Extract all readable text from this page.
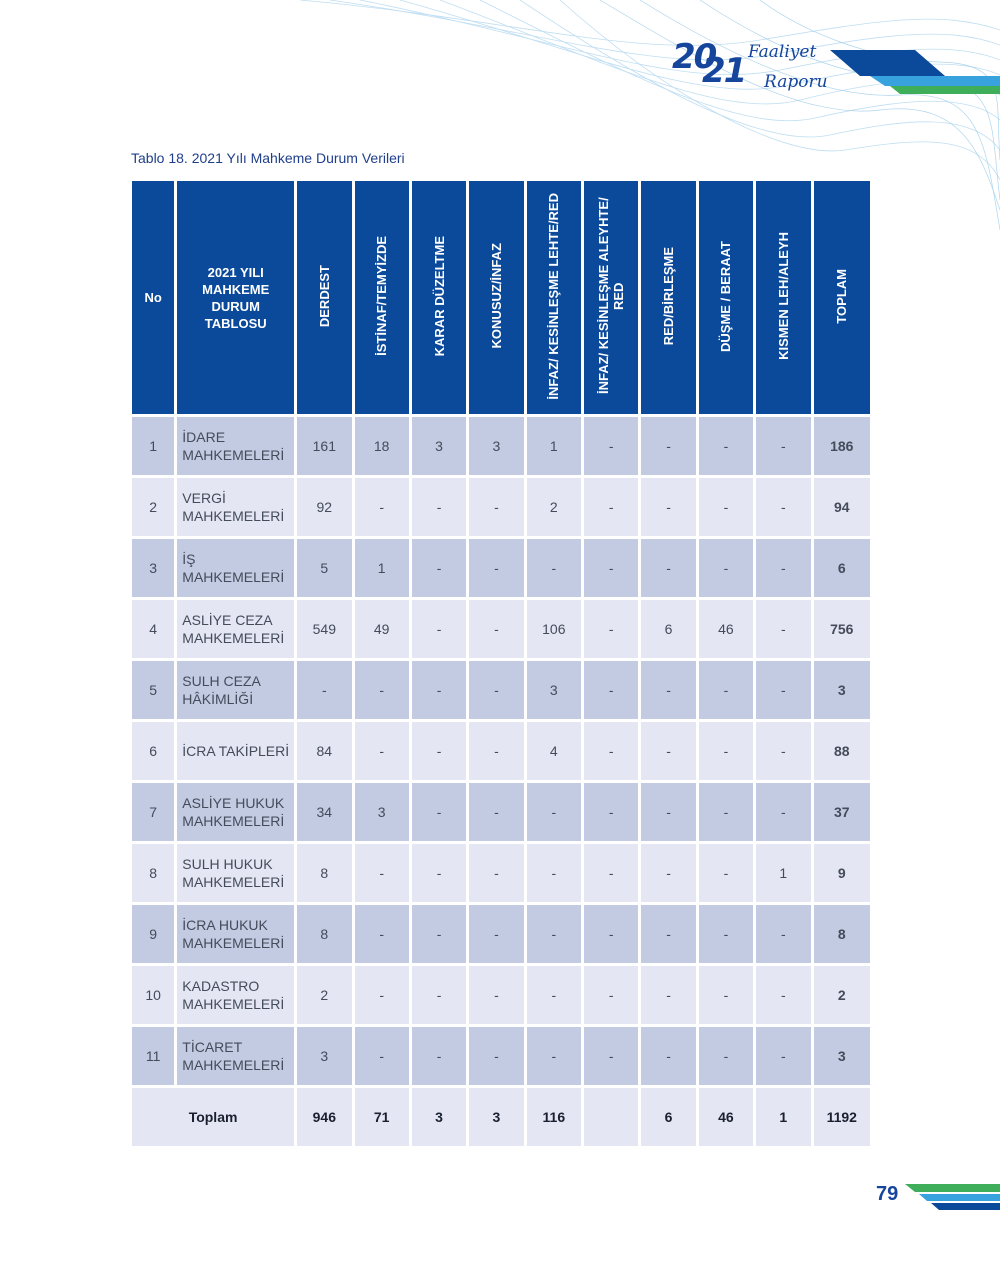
20
21 Faaliyet
Raporu
Tablo 18. 2021 Yılı Mahkeme Durum Verileri
No	2021 YILI MAHKEME DURUM TABLOSU	DERDEST	İSTİNAF/TEMYİZDE	KARAR DÜZELTME	KONUSUZ/İNFAZ	İNFAZ/ KESİNLEŞME LEHTE/RED	İNFAZ/ KESİNLEŞME ALEYHTE/ RED	RED/BİRLEŞME	DÜŞME / BERAAT	KISMEN LEH/ALEYH	TOPLAM
1	İDARE MAHKEMELERİ	161	18	3	3	1	-	-	-	-	186
2	VERGİ MAHKEMELERİ	92	-	-	-	2	-	-	-	-	94
3	İŞ MAHKEMELERİ	5	1	-	-	-	-	-	-	-	6
4	ASLİYE CEZA MAHKEMELERİ	549	49	-	-	106	-	6	46	-	756
5	SULH CEZA HÂKİMLİĞİ	-	-	-	-	3	-	-	-	-	3
6	İCRA TAKİPLERİ	84	-	-	-	4	-	-	-	-	88
7	ASLİYE HUKUK MAHKEMELERİ	34	3	-	-	-	-	-	-	-	37
8	SULH HUKUK MAHKEMELERİ	8	-	-	-	-	-	-	-	1	9
9	İCRA HUKUK MAHKEMELERİ	8	-	-	-	-	-	-	-	-	8
10	KADASTRO MAHKEMELERİ	2	-	-	-	-	-	-	-	-	2
11	TİCARET MAHKEMELERİ	3	-	-	-	-	-	-	-	-	3
Toplam		946	71	3	3	116		6	46	1	1192
79
